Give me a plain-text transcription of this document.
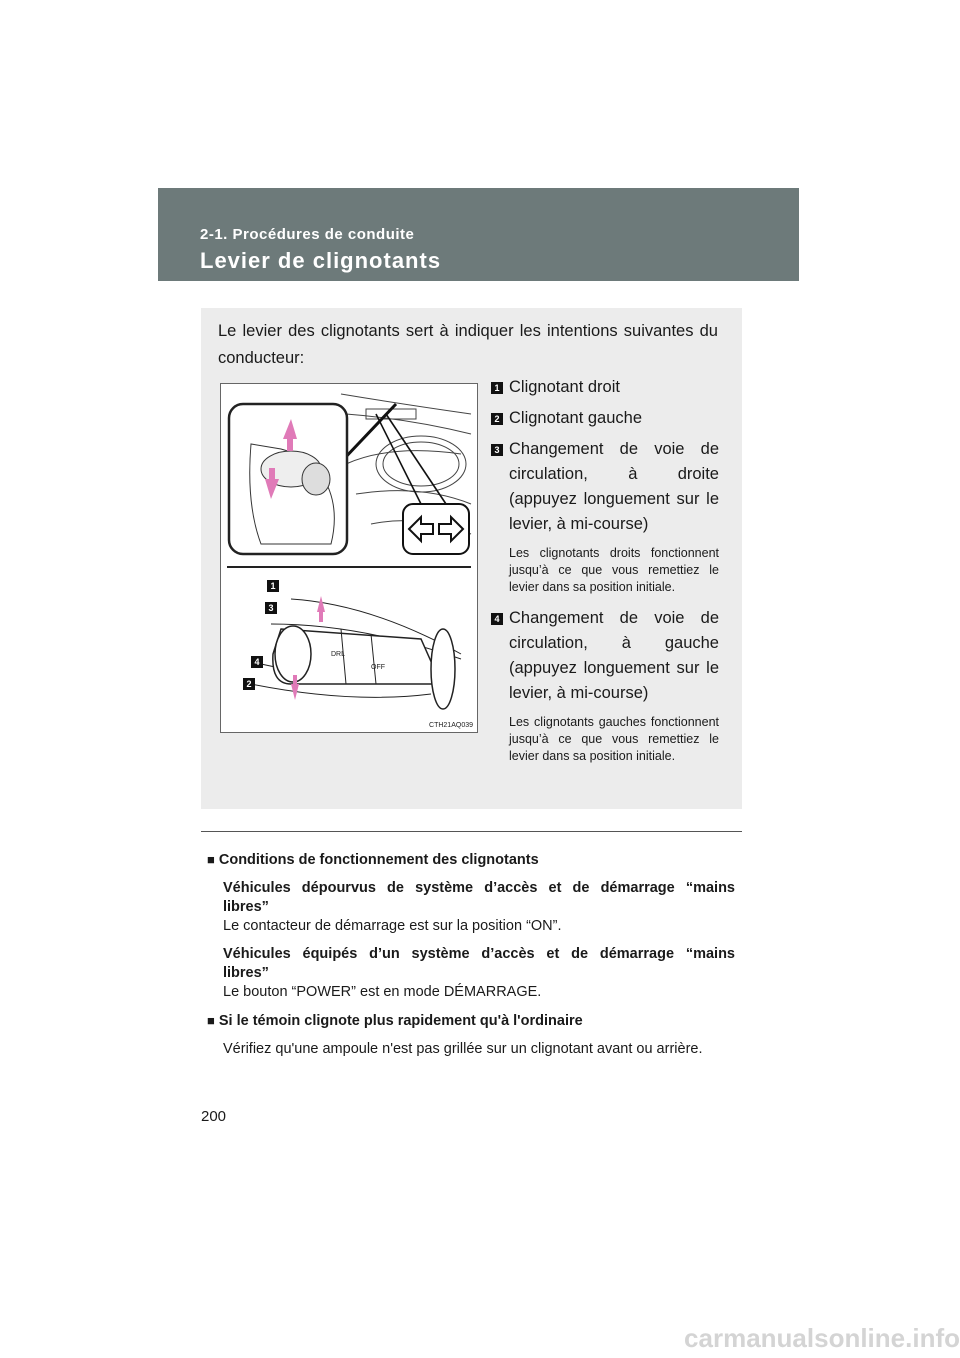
2-1. Procédures de conduite
Levier de clignotants
Le levier des clignotants sert à indiquer les intentions suivantes du conducteur:
DRL
OFF
1
3
4
2
CTH21AQ039
1 Clignotant droit
2 Clignotant gauche
3 Changement de voie de circulation, à droite (appuyez longuement sur le levier, à mi-course)
Les clignotants droits fonctionnent jusqu’à ce que vous remettiez le levier dans sa position initiale.
4 Changement de voie de circulation, à gauche (appuyez longuement sur le levier, à mi-course)
Les clignotants gauches fonctionnent jusqu’à ce que vous remettiez le levier dans sa position initiale.
■ Conditions de fonctionnement des clignotants
Véhicules dépourvus de système d’accès et de démarrage “mains libres”
Le contacteur de démarrage est sur la position “ON”.
Véhicules équipés d’un système d’accès et de démarrage “mains libres”
Le bouton “POWER” est en mode DÉMARRAGE.
■ Si le témoin clignote plus rapidement qu'à l'ordinaire
Vérifiez qu'une ampoule n'est pas grillée sur un clignotant avant ou arrière.
200
carmanualsonline.info
